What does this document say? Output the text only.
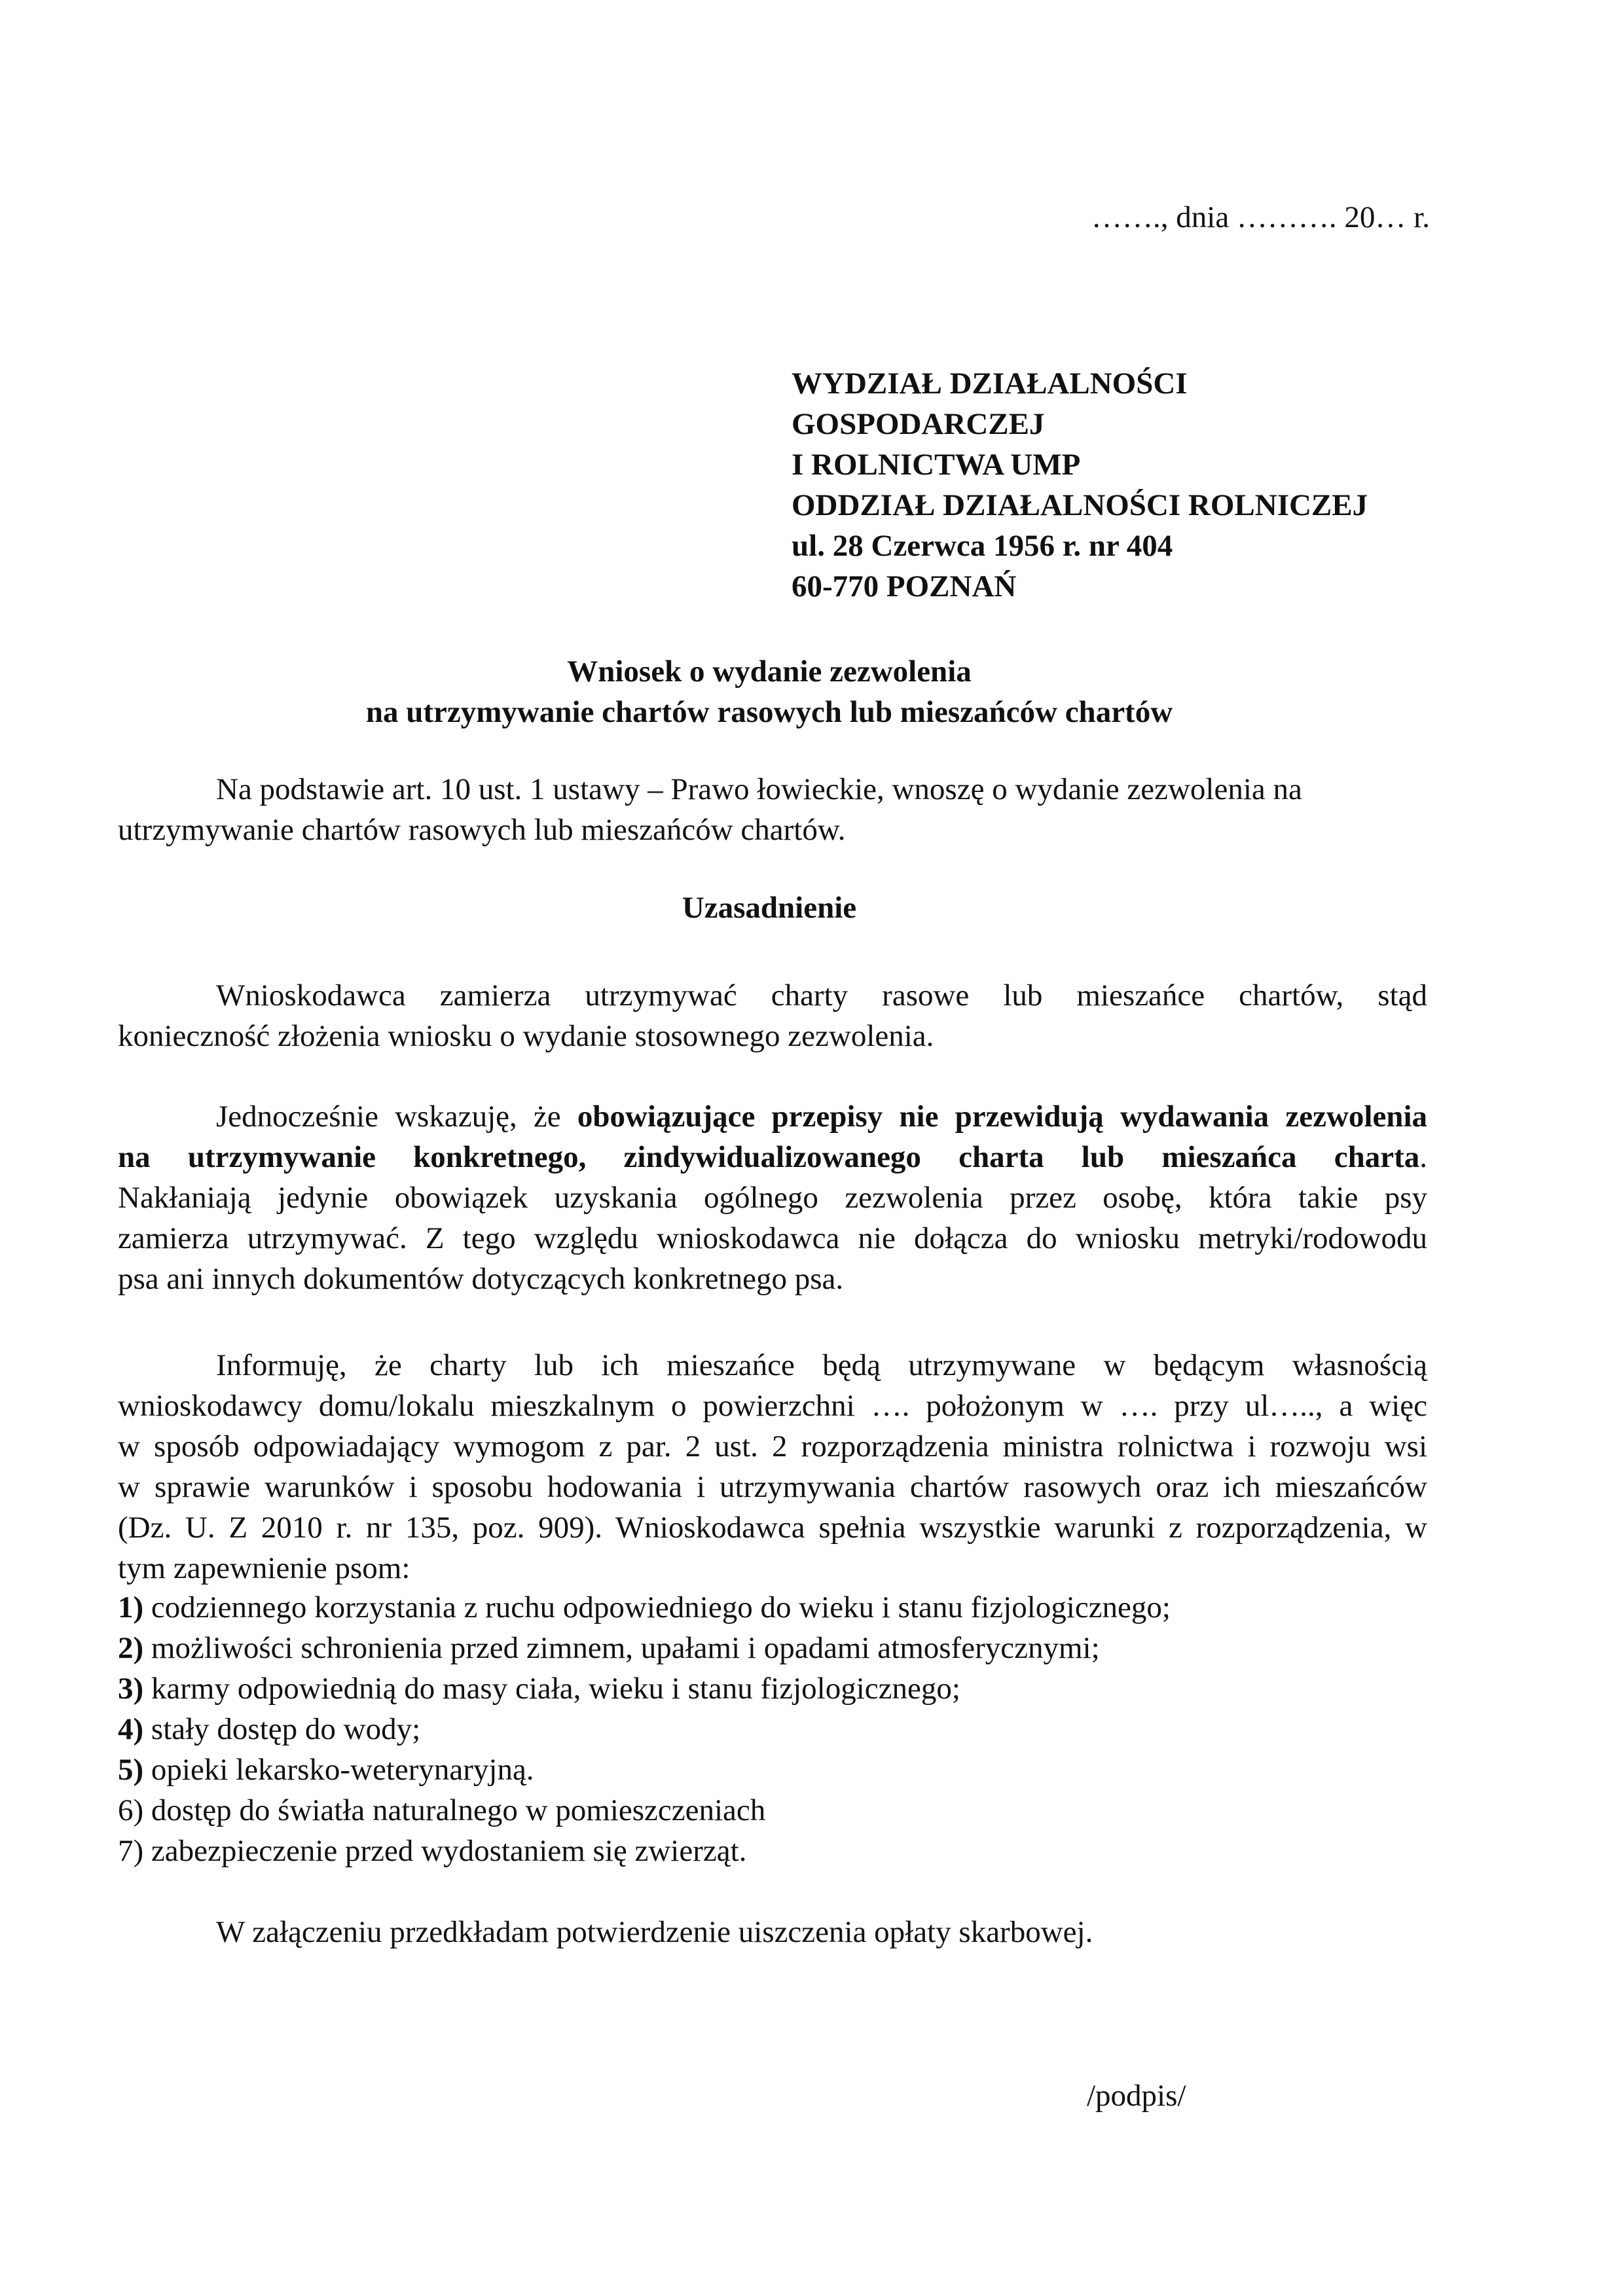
……., dnia ………. 20… r.
WYDZIAŁ DZIAŁALNOŚCI
GOSPODARCZEJ
I ROLNICTWA UMP
ODDZIAŁ DZIAŁALNOŚCI ROLNICZEJ
ul. 28 Czerwca 1956 r. nr 404
60-770 POZNAŃ
Wniosek o wydanie zezwolenia
na utrzymywanie chartów rasowych lub mieszańców chartów
Na podstawie art. 10 ust. 1 ustawy – Prawo łowieckie, wnoszę o wydanie zezwolenia na
utrzymywanie chartów rasowych lub mieszańców chartów.
Uzasadnienie
Wnioskodawca zamierza utrzymywać charty rasowe lub mieszańce chartów, stąd
konieczność złożenia wniosku o wydanie stosownego zezwolenia.
Jednocześnie wskazuję, że obowiązujące przepisy nie przewidują wydawania zezwolenia
na utrzymywanie konkretnego, zindywidualizowanego charta lub mieszańca charta.
Nakłaniają jedynie obowiązek uzyskania ogólnego zezwolenia przez osobę, która takie psy
zamierza utrzymywać. Z tego względu wnioskodawca nie dołącza do wniosku metryki/rodowodu
psa ani innych dokumentów dotyczących konkretnego psa.
Informuję, że charty lub ich mieszańce będą utrzymywane w będącym własnością
wnioskodawcy domu/lokalu mieszkalnym o powierzchni …. położonym w …. przy ul….., a więc
w sposób odpowiadający wymogom z par. 2 ust. 2 rozporządzenia ministra rolnictwa i rozwoju wsi
w sprawie warunków i sposobu hodowania i utrzymywania chartów rasowych oraz ich mieszańców
(Dz. U. Z 2010 r. nr 135, poz. 909). Wnioskodawca spełnia wszystkie warunki z rozporządzenia, w
tym zapewnienie psom:
1) codziennego korzystania z ruchu odpowiedniego do wieku i stanu fizjologicznego;
2) możliwości schronienia przed zimnem, upałami i opadami atmosferycznymi;
3) karmy odpowiednią do masy ciała, wieku i stanu fizjologicznego;
4) stały dostęp do wody;
5) opieki lekarsko-weterynaryjną.
6) dostęp do światła naturalnego w pomieszczeniach
7) zabezpieczenie przed wydostaniem się zwierząt.
W załączeniu przedkładam potwierdzenie uiszczenia opłaty skarbowej.
/podpis/
